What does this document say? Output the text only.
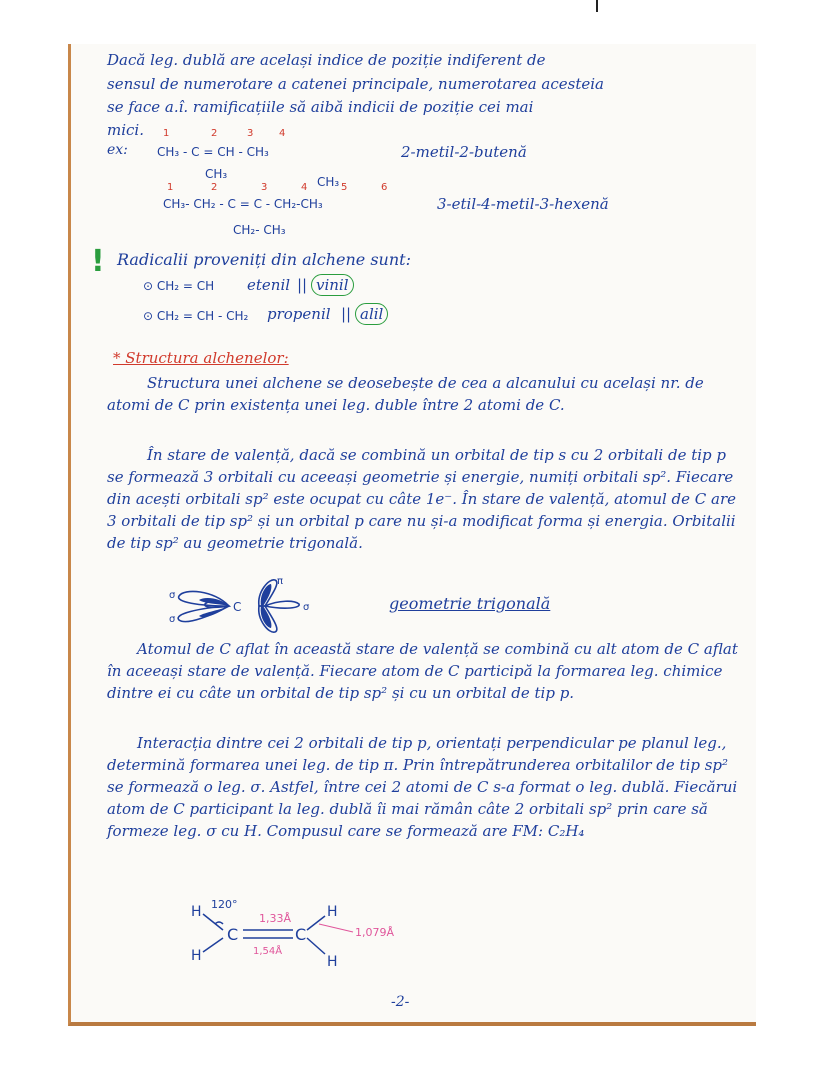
Dacă leg. dublă are același indice de poziție indiferent de
sensul de numerotare a catenei principale, numerotarea acesteia
se face a.î. ramificațiile să aibă indicii de poziție cei mai
mici. 1	2	3	4
ex: CH₃ - C = CH - CH₃
CH₃
2-metil-2-butenă
CH₃
1	2	3	4	5	6
CH₃- CH₂ - C = C - CH₂-CH₃	3-etil-4-metil-3-hexenă
CH₂- CH₃
! Radicalii proveniți din alchene sunt:
⊙ CH₂ = CH etenil || vinil
⊙ CH₂ = CH - CH₂ propenil || alil
* Structura alchenelor:
Structura unei alchene se deosebește de cea a alcanului cu același nr. de atomi de C prin existența unei leg. duble între 2 atomi de C.
În stare de valență, dacă se combină un orbital de tip s cu 2 orbitali de tip p se formează 3 orbitali cu aceeași geometrie și energie, numiți orbitali sp². Fiecare din acești orbitali sp² este ocupat cu câte 1e⁻. În stare de valență, atomul de C are 3 orbitali de tip sp² și un orbital p care nu și-a modificat forma și energia. Orbitalii de tip sp² au geometrie trigonală.
C
σ
σ
σ
π
geometrie trigonală
Atomul de C aflat în această stare de valență se combină cu alt atom de C aflat în aceeași stare de valență. Fiecare atom de C participă la formarea leg. chimice dintre ei cu câte un orbital de tip sp² și cu un orbital de tip p.
Interacția dintre cei 2 orbitali de tip p, orientați perpendicular pe planul leg., determină formarea unei leg. de tip π. Prin întrepătrunderea orbitalilor de tip sp² se formează o leg. σ. Astfel, între cei 2 atomi de C s-a format o leg. dublă. Fiecărui atom de C participant la leg. dublă îi mai rămân câte 2 orbitali sp² prin care să formeze leg. σ cu H. Compusul care se formează are FM: C₂H₄
H
H
C	C
H
H
120°
1,33Å
1,54Å
1,079Å
-2-
